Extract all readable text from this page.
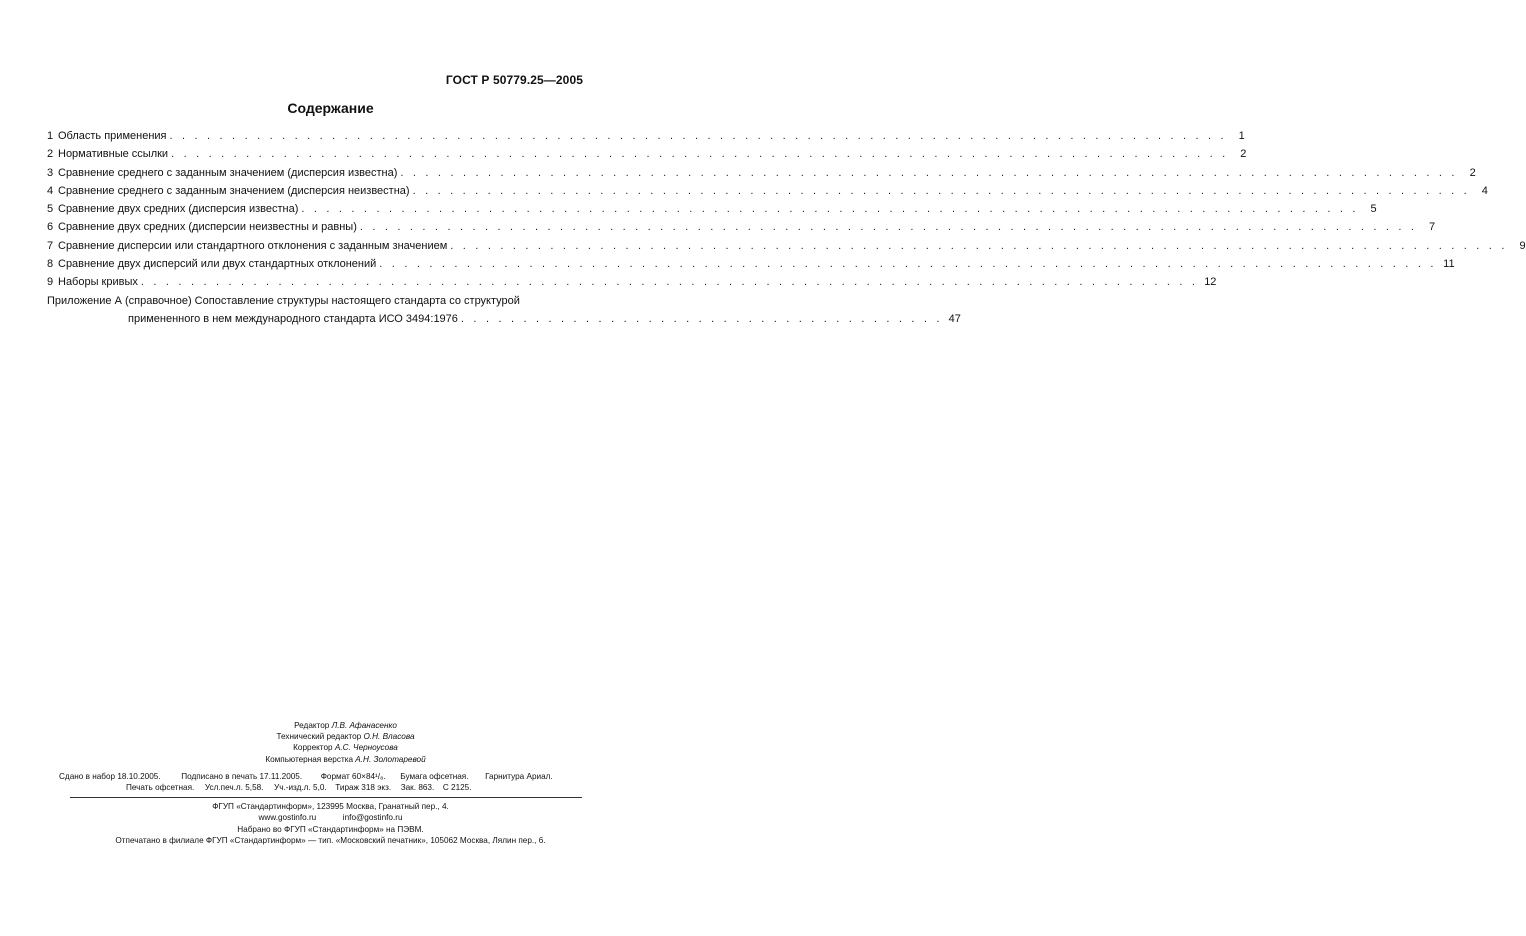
ГОСТ Р 50779.25—2005
Содержание
1 Область применения . . . . . . . . . . . . . . . . . . . . . . . . . . . . . . . . . . . . . . . . . . . . . . . . . . . . . . . . . . . . . . . . . . . . . . . . . . . . . . . . . . . . .	1
2 Нормативные ссылки . . . . . . . . . . . . . . . . . . . . . . . . . . . . . . . . . . . . . . . . . . . . . . . . . . . . . . . . . . . . . . . . . . . . . . . . . . . . . . . . . . . . .	2
3 Сравнение среднего с заданным значением (дисперсия известна) . . . . . . . . . . . . . . . . . . . . . . . . . . . . . . . . . . . . . . . . . . . . . . . . . . . . . . . . . . . . . . . . . . . . . . . . . . . . . . . . . . . . .	2
4 Сравнение среднего с заданным значением (дисперсия неизвестна) . . . . . . . . . . . . . . . . . . . . . . . . . . . . . . . . . . . . . . . . . . . . . . . . . . . . . . . . . . . . . . . . . . . . . . . . . . . . . . . . . . . . .	4
5 Сравнение двух средних (дисперсия известна) . . . . . . . . . . . . . . . . . . . . . . . . . . . . . . . . . . . . . . . . . . . . . . . . . . . . . . . . . . . . . . . . . . . . . . . . . . . . . . . . . . . . .	5
6 Сравнение двух средних (дисперсии неизвестны и равны) . . . . . . . . . . . . . . . . . . . . . . . . . . . . . . . . . . . . . . . . . . . . . . . . . . . . . . . . . . . . . . . . . . . . . . . . . . . . . . . . . . . . .	7
7 Сравнение дисперсии или стандартного отклонения с заданным значением . . . . . . . . . . . . . . . . . . . . . . . . . . . . . . . . . . . . . . . . . . . . . . . . . . . . . . . . . . . . . . . . . . . . . . . . . . . . . . . . . . . . .	9
8 Сравнение двух дисперсий или двух стандартных отклонений . . . . . . . . . . . . . . . . . . . . . . . . . . . . . . . . . . . . . . . . . . . . . . . . . . . . . . . . . . . . . . . . . . . . . . . . . . . . . . . . . . . . . 11
9 Наборы кривых . . . . . . . . . . . . . . . . . . . . . . . . . . . . . . . . . . . . . . . . . . . . . . . . . . . . . . . . . . . . . . . . . . . . . . . . . . . . . . . . . . . . . 12
Приложение А (справочное) Сопоставление структуры настоящего стандарта со структурой
примененного в нем международного стандарта ИСО 3494:1976 . . . . . . . . . . . . . . . . . . . . . . . . . . . . . . . . . . . . . . . 47
Редактор Л.В. Афанасенко
Технический редактор О.Н. Власова
Корректор А.С. Черноусова
Компьютерная верстка А.Н. Золотаревой
Сдано в набор 18.10.2005.	Подписано в печать 17.11.2005. Формат 60×84¹/₈. Бумага офсетная. Гарнитура Ариал.
Печать офсетная. Усл.печ.л. 5,58. Уч.-изд.л. 5,0. Тираж 318 экз. Зак. 863. С 2125.
ФГУП «Стандартинформ», 123995 Москва, Гранатный пер., 4.
www.gostinfo.ru	info@gostinfo.ru
Набрано во ФГУП «Стандартинформ» на ПЭВМ.
Отпечатано в филиале ФГУП «Стандартинформ» — тип. «Московский печатник», 105062 Москва, Лялин пер., 6.
